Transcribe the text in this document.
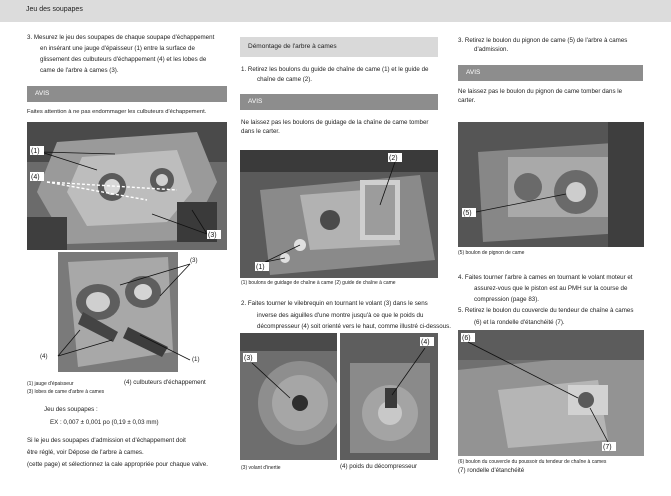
Jeu des soupapes
3. Mesurez le jeu des soupapes de chaque soupape d'échappement
en insérant une jauge d'épaisseur (1) entre la surface de
glissement des culbuteurs d'échappement (4) et les lobes de
came de l'arbre à cames (3).
AVIS
Faites attention à ne pas endommager les culbuteurs d'échappement.
(1)
(4)
(3)
(3)
(4)	(1)
(1) jauge d'épaisseur
(3) lobes de came d'arbre à cames
(4) culbuteurs d'échappement
Jeu des soupapes :
EX : 0,007 ± 0,001 po (0,19 ± 0,03 mm)
Si le jeu des soupapes d'admission et d'échappement doit
être réglé, voir Dépose de l'arbre à cames.
(cette page) et sélectionnez la cale appropriée pour chaque valve.
Démontage de l'arbre à cames
1. Retirez les boulons du guide de chaîne de came (1) et le guide de
chaîne de came (2).
AVIS
Ne laissez pas les boulons de guidage de la chaîne de came tomber
dans le carter.
(2)
(1)
(1) boulons de guidage de chaîne à came (2) guide de chaîne à came
2. Faites tourner le vilebrequin en tournant le volant (3) dans le sens
inverse des aiguilles d'une montre jusqu'à ce que le poids du
décompresseur (4) soit orienté vers le haut, comme illustré ci-dessous.
(3)
(4)
(3) volant d'inertie	(4) poids du décompresseur
3. Retirez le boulon du pignon de came (5) de l'arbre à cames
d'admission.
AVIS
Ne laissez pas le boulon du pignon de came tomber dans le
carter.
(5)
(5) boulon de pignon de came
4. Faites tourner l'arbre à cames en tournant le volant moteur et
assurez-vous que le piston est au PMH sur la course de
compression (page 83).
5. Retirez le boulon du couvercle du tendeur de chaîne à cames
(6) et la rondelle d'étanchéité (7).
(6)
(7)
(6) boulon du couvercle du poussoir du tendeur de chaîne à cames
(7) rondelle d'étanchéité
